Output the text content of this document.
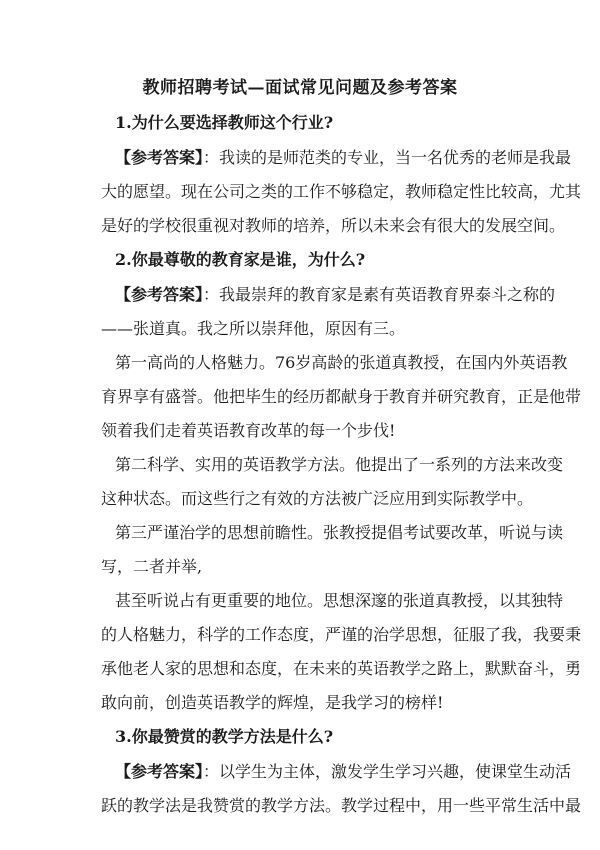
教师招聘考试—面试常见问题及参考答案
1.为什么要选择教师这个行业?
【参考答案】：我读的是师范类的专业，当一名优秀的老师是我最
大的愿望。现在公司之类的工作不够稳定，教师稳定性比较高，尤其
是好的学校很重视对教师的培养，所以未来会有很大的发展空间。
2.你最尊敬的教育家是谁，为什么?
【参考答案】：我最崇拜的教育家是素有英语教育界泰斗之称的
——张道真。我之所以崇拜他，原因有三。
第一高尚的人格魅力。76岁高龄的张道真教授，在国内外英语教
育界享有盛誉。他把毕生的经历都献身于教育并研究教育，正是他带
领着我们走着英语教育改革的每一个步伐!
第二科学、实用的英语教学方法。他提出了一系列的方法来改变
这种状态。而这些行之有效的方法被广泛应用到实际教学中。
第三严谨治学的思想前瞻性。张教授提倡考试要改革，听说与读
写，二者并举,
甚至听说占有更重要的地位。思想深邃的张道真教授，以其独特
的人格魅力，科学的工作态度，严谨的治学思想，征服了我，我要秉
承他老人家的思想和态度，在未来的英语教学之路上，默默奋斗，勇
敢向前，创造英语教学的辉煌，是我学习的榜样!
3.你最赞赏的教学方法是什么?
【参考答案】：以学生为主体，激发学生学习兴趣，使课堂生动活
跃的教学法是我赞赏的教学方法。教学过程中，用一些平常生活中最
